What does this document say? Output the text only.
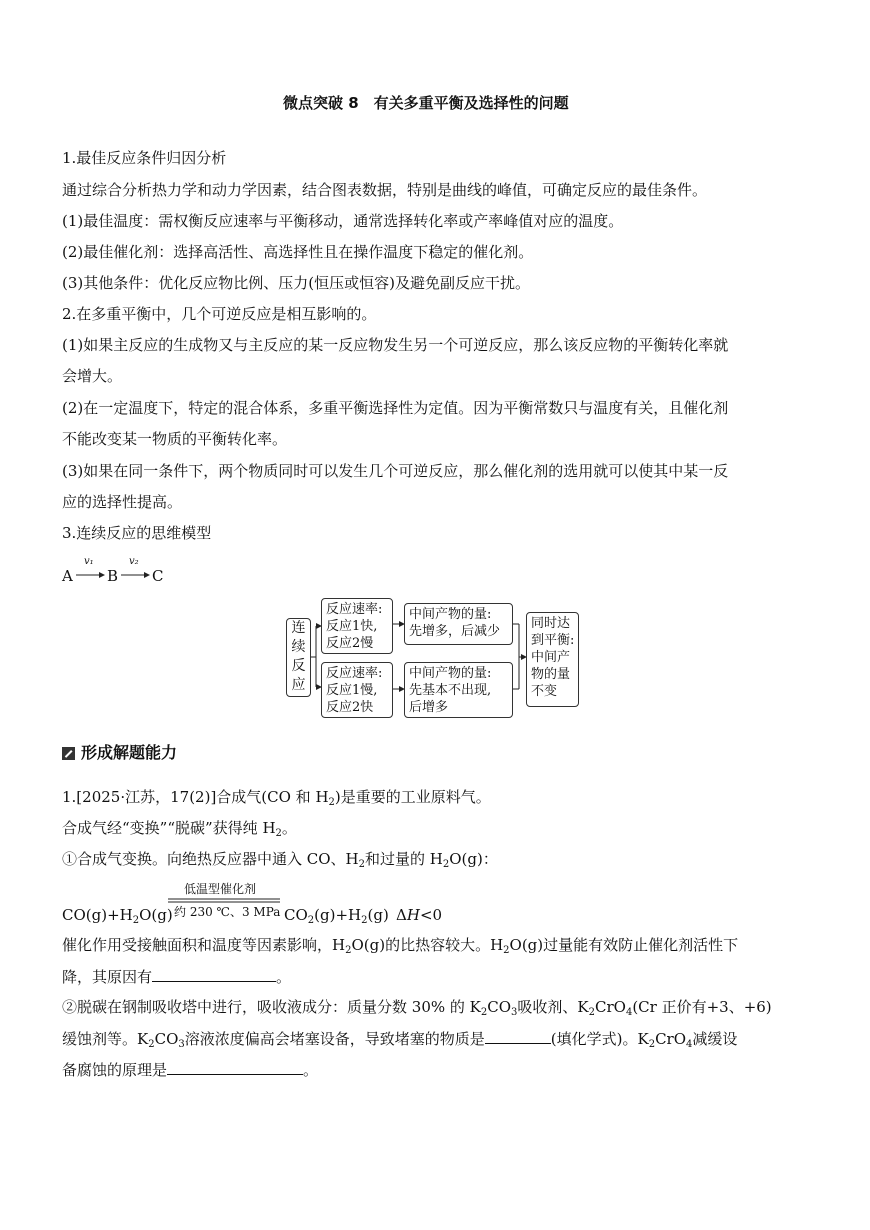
微点突破 8　有关多重平衡及选择性的问题
1.最佳反应条件归因分析
通过综合分析热力学和动力学因素，结合图表数据，特别是曲线的峰值，可确定反应的最佳条件。
(1)最佳温度：需权衡反应速率与平衡移动，通常选择转化率或产率峰值对应的温度。
(2)最佳催化剂：选择高活性、高选择性且在操作温度下稳定的催化剂。
(3)其他条件：优化反应物比例、压力(恒压或恒容)及避免副反应干扰。
2.在多重平衡中，几个可逆反应是相互影响的。
(1)如果主反应的生成物又与主反应的某一反应物发生另一个可逆反应，那么该反应物的平衡转化率就
会增大。
(2)在一定温度下，特定的混合体系，多重平衡选择性为定值。因为平衡常数只与温度有关，且催化剂
不能改变某一物质的平衡转化率。
(3)如果在同一条件下，两个物质同时可以发生几个可逆反应，那么催化剂的选用就可以使其中某一反
应的选择性提高。
3.连续反应的思维模型
A
v₁
B
v₂
C
连续反应
反应速率:
反应1快,
反应2慢
反应速率:
反应1慢,
反应2快
中间产物的量:
先增多，后减少
中间产物的量:
先基本不出现,
后增多
同时达
到平衡:
中间产
物的量
不变
形成解题能力
1.[2025·江苏，17(2)]合成气(CO 和 $H_2$)是重要的工业原料气。
合成气经“变换”“脱碳”获得纯 $H_2$。
①合成气变换。向绝热反应器中通入 CO、$H_2$和过量的 $H_2O(g)$：
低温型催化剂
约 230 ℃、3 MPa
$CO(g)+H_2O(g)$	$CO_2(g)+H_2(g)$ ΔH<0
催化作用受接触面积和温度等因素影响，$H_2O(g)$的比热容较大。$H_2O(g)$过量能有效防止催化剂活性下
降，其原因有	。
②脱碳在钢制吸收塔中进行，吸收液成分：质量分数 30% 的 $K_2CO_3$吸收剂、$K_2CrO_4(Cr$ 正价有+3、+6)
缓蚀剂等。$K_2CO_3$溶液浓度偏高会堵塞设备，导致堵塞的物质是	(填化学式)。$K_2CrO_4$减缓设
备腐蚀的原理是	。
